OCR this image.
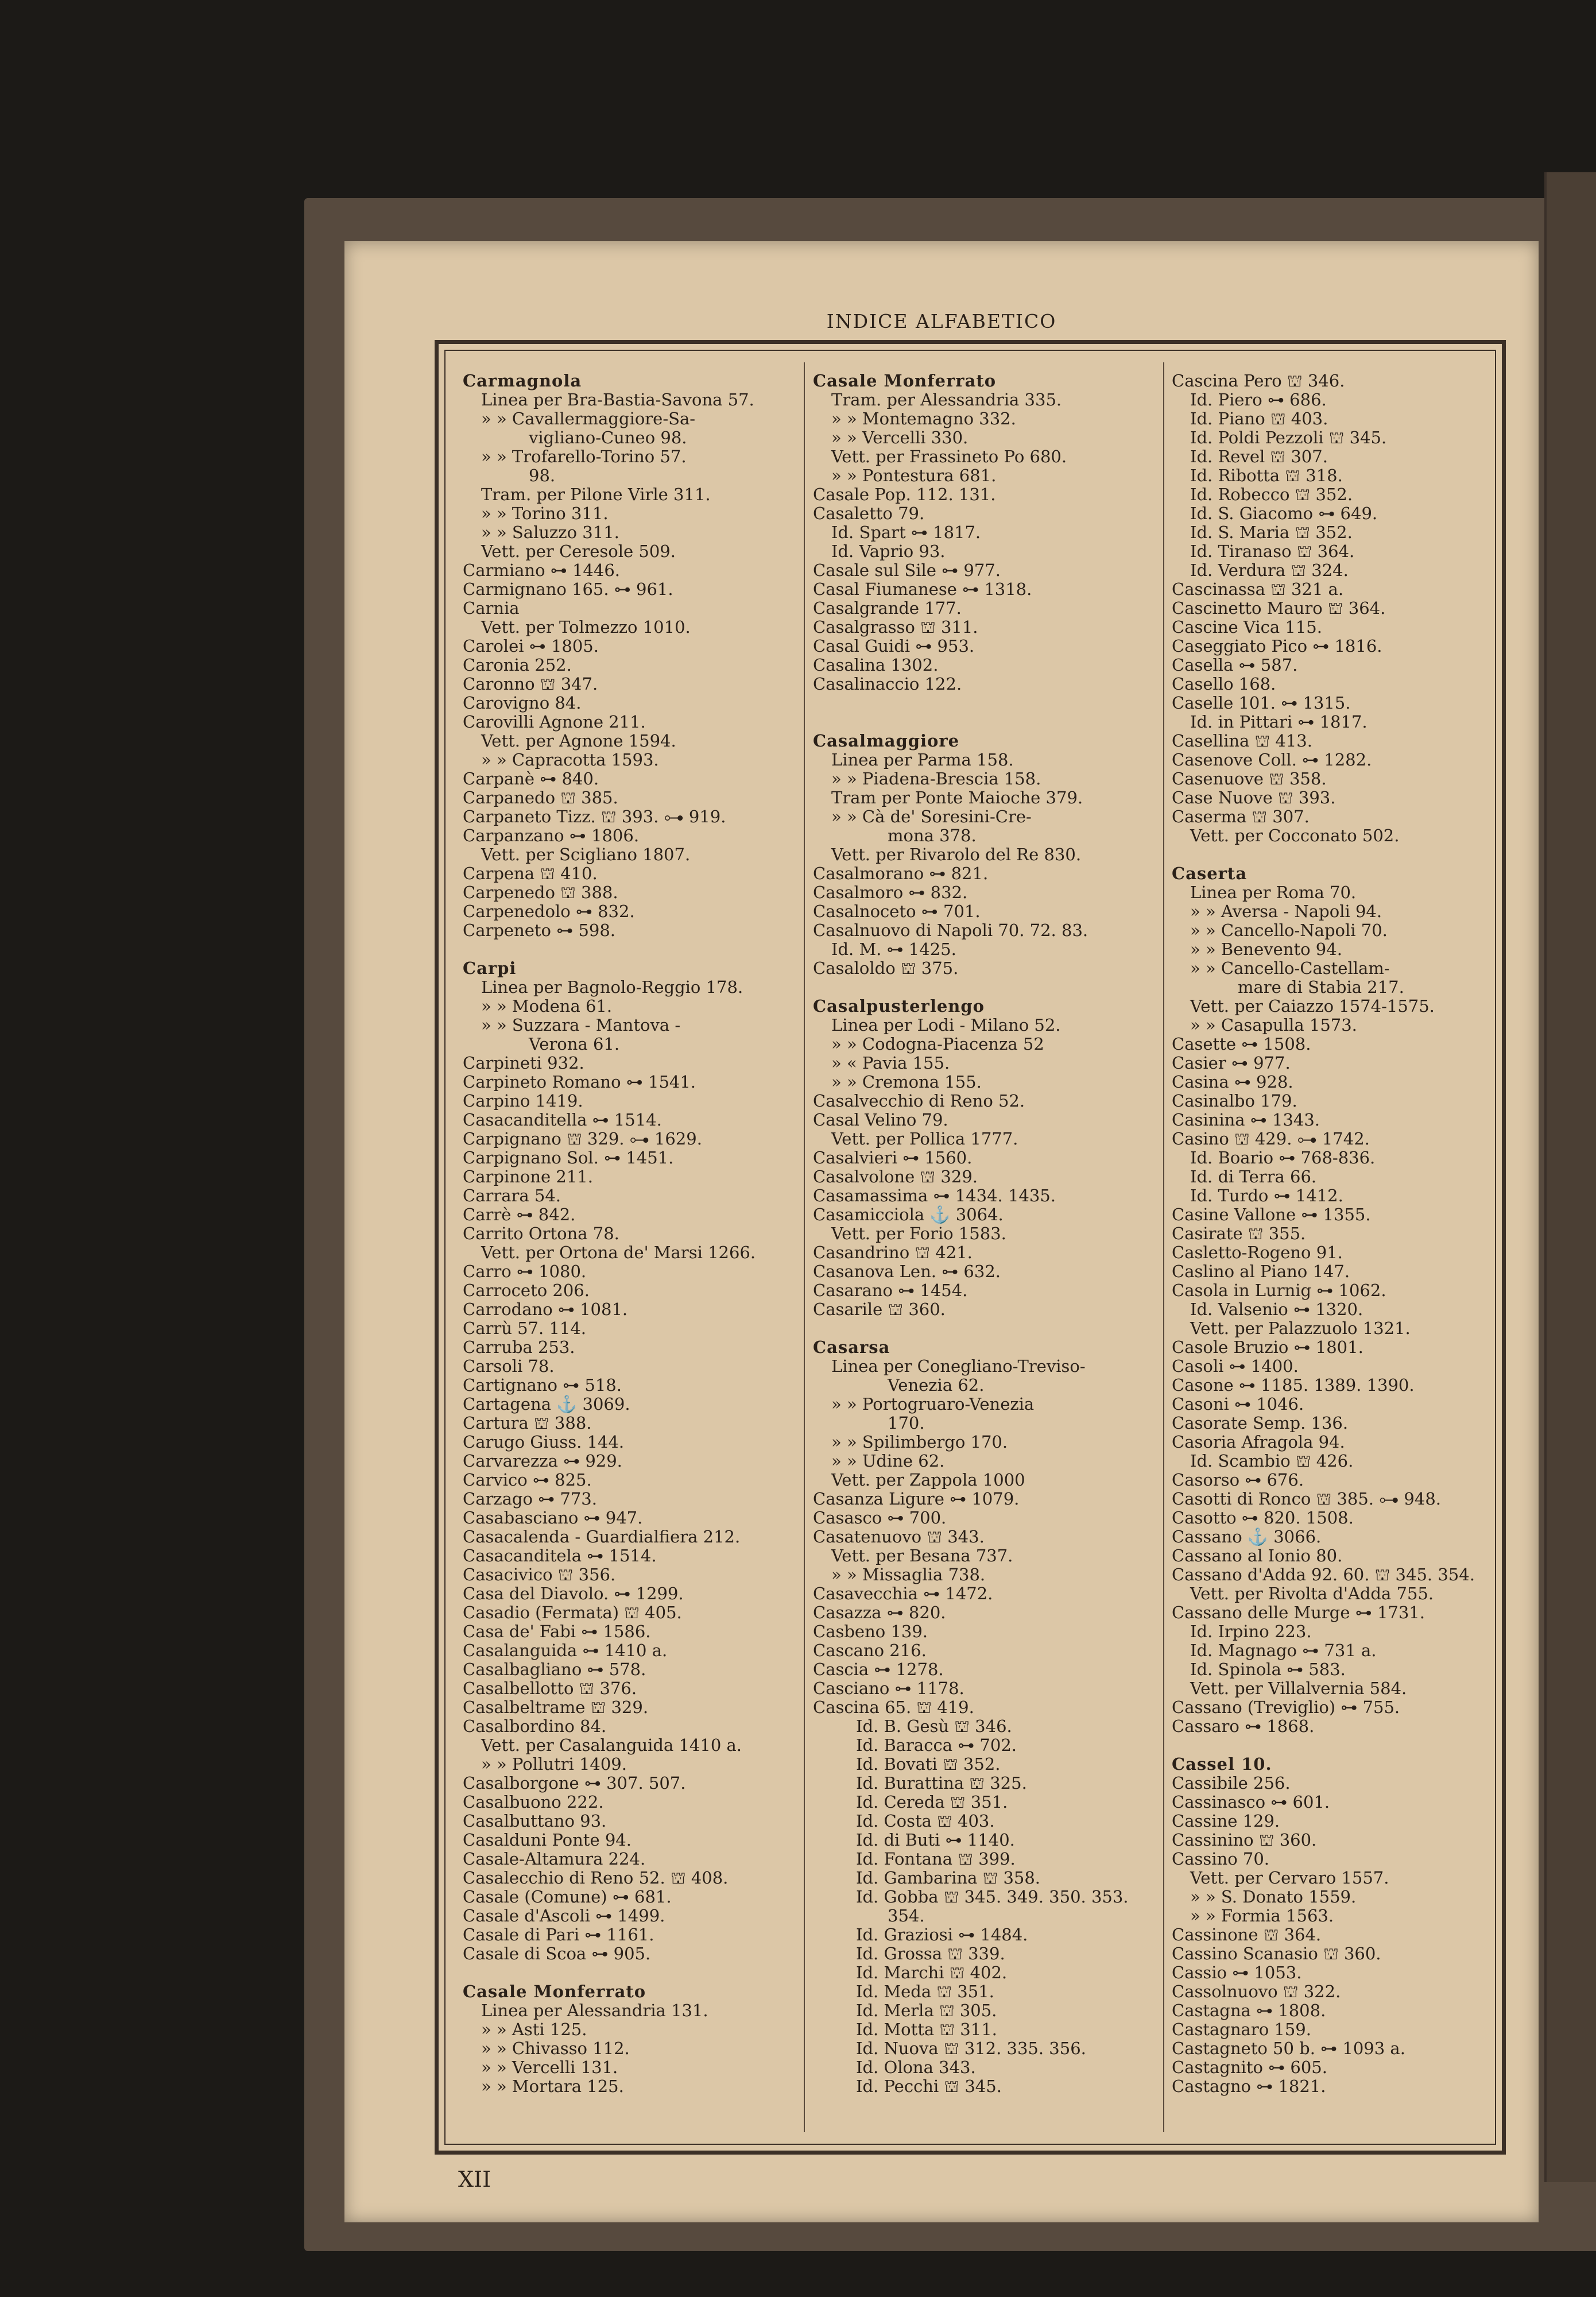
INDICE ALFABETICO
Carmagnola
Linea per Bra-Bastia-Savona 57.
» » Cavallermaggiore-Sa-
vigliano-Cuneo 98.
» » Trofarello-Torino 57.
98.
Tram. per Pilone Virle 311.
» » Torino 311.
» » Saluzzo 311.
Vett. per Ceresole 509.
Carmiano ⊶ 1446.
Carmignano 165. ⊶ 961.
Carnia
Vett. per Tolmezzo 1010.
Carolei ⊶ 1805.
Caronia 252.
Caronno ⛫ 347.
Carovigno 84.
Carovilli Agnone 211.
Vett. per Agnone 1594.
» » Capracotta 1593.
Carpanè ⊶ 840.
Carpanedo ⛫ 385.
Carpaneto Tizz. ⛫ 393. ⊶ 919.
Carpanzano ⊶ 1806.
Vett. per Scigliano 1807.
Carpena ⛫ 410.
Carpenedo ⛫ 388.
Carpenedolo ⊶ 832.
Carpeneto ⊶ 598.
Carpi
Linea per Bagnolo-Reggio 178.
» » Modena 61.
» » Suzzara - Mantova -
Verona 61.
Carpineti 932.
Carpineto Romano ⊶ 1541.
Carpino 1419.
Casacanditella ⊶ 1514.
Carpignano ⛫ 329. ⊶ 1629.
Carpignano Sol. ⊶ 1451.
Carpinone 211.
Carrara 54.
Carrè ⊶ 842.
Carrito Ortona 78.
Vett. per Ortona de' Marsi 1266.
Carro ⊶ 1080.
Carroceto 206.
Carrodano ⊶ 1081.
Carrù 57. 114.
Carruba 253.
Carsoli 78.
Cartignano ⊶ 518.
Cartagena ⚓ 3069.
Cartura ⛫ 388.
Carugo Giuss. 144.
Carvarezza ⊶ 929.
Carvico ⊶ 825.
Carzago ⊶ 773.
Casabasciano ⊶ 947.
Casacalenda - Guardialfiera 212.
Casacanditela ⊶ 1514.
Casacivico ⛫ 356.
Casa del Diavolo. ⊶ 1299.
Casadio (Fermata) ⛫ 405.
Casa de' Fabi ⊶ 1586.
Casalanguida ⊶ 1410 a.
Casalbagliano ⊶ 578.
Casalbellotto ⛫ 376.
Casalbeltrame ⛫ 329.
Casalbordino 84.
Vett. per Casalanguida 1410 a.
» » Pollutri 1409.
Casalborgone ⊶ 307. 507.
Casalbuono 222.
Casalbuttano 93.
Casalduni Ponte 94.
Casale-Altamura 224.
Casalecchio di Reno 52. ⛫ 408.
Casale (Comune) ⊶ 681.
Casale d'Ascoli ⊶ 1499.
Casale di Pari ⊶ 1161.
Casale di Scoa ⊶ 905.
Casale Monferrato
Linea per Alessandria 131.
» » Asti 125.
» » Chivasso 112.
» » Vercelli 131.
» » Mortara 125.
Casale Monferrato
Tram. per Alessandria 335.
» » Montemagno 332.
» » Vercelli 330.
Vett. per Frassineto Po 680.
» » Pontestura 681.
Casale Pop. 112. 131.
Casaletto 79.
Id. Spart ⊶ 1817.
Id. Vaprio 93.
Casale sul Sile ⊶ 977.
Casal Fiumanese ⊶ 1318.
Casalgrande 177.
Casalgrasso ⛫ 311.
Casal Guidi ⊶ 953.
Casalina 1302.
Casalinaccio 122.
Casalmaggiore
Linea per Parma 158.
» » Piadena-Brescia 158.
Tram per Ponte Maioche 379.
» » Cà de' Soresini-Cre-
mona 378.
Vett. per Rivarolo del Re 830.
Casalmorano ⊶ 821.
Casalmoro ⊶ 832.
Casalnoceto ⊶ 701.
Casalnuovo di Napoli 70. 72. 83.
Id. M. ⊶ 1425.
Casaloldo ⛫ 375.
Casalpusterlengo
Linea per Lodi - Milano 52.
» » Codogna-Piacenza 52
» « Pavia 155.
» » Cremona 155.
Casalvecchio di Reno 52.
Casal Velino 79.
Vett. per Pollica 1777.
Casalvieri ⊶ 1560.
Casalvolone ⛫ 329.
Casamassima ⊶ 1434. 1435.
Casamicciola ⚓ 3064.
Vett. per Forio 1583.
Casandrino ⛫ 421.
Casanova Len. ⊶ 632.
Casarano ⊶ 1454.
Casarile ⛫ 360.
Casarsa
Linea per Conegliano-Treviso-
Venezia 62.
» » Portogruaro-Venezia
170.
» » Spilimbergo 170.
» » Udine 62.
Vett. per Zappola 1000
Casanza Ligure ⊶ 1079.
Casasco ⊶ 700.
Casatenuovo ⛫ 343.
Vett. per Besana 737.
» » Missaglia 738.
Casavecchia ⊶ 1472.
Casazza ⊶ 820.
Casbeno 139.
Cascano 216.
Cascia ⊶ 1278.
Casciano ⊶ 1178.
Cascina 65. ⛫ 419.
Id. B. Gesù ⛫ 346.
Id. Baracca ⊶ 702.
Id. Bovati ⛫ 352.
Id. Burattina ⛫ 325.
Id. Cereda ⛫ 351.
Id. Costa ⛫ 403.
Id. di Buti ⊶ 1140.
Id. Fontana ⛫ 399.
Id. Gambarina ⛫ 358.
Id. Gobba ⛫ 345. 349. 350. 353.
354.
Id. Graziosi ⊶ 1484.
Id. Grossa ⛫ 339.
Id. Marchi ⛫ 402.
Id. Meda ⛫ 351.
Id. Merla ⛫ 305.
Id. Motta ⛫ 311.
Id. Nuova ⛫ 312. 335. 356.
Id. Olona 343.
Id. Pecchi ⛫ 345.
Cascina Pero ⛫ 346.
Id. Piero ⊶ 686.
Id. Piano ⛫ 403.
Id. Poldi Pezzoli ⛫ 345.
Id. Revel ⛫ 307.
Id. Ribotta ⛫ 318.
Id. Robecco ⛫ 352.
Id. S. Giacomo ⊶ 649.
Id. S. Maria ⛫ 352.
Id. Tiranaso ⛫ 364.
Id. Verdura ⛫ 324.
Cascinassa ⛫ 321 a.
Cascinetto Mauro ⛫ 364.
Cascine Vica 115.
Caseggiato Pico ⊶ 1816.
Casella ⊶ 587.
Casello 168.
Caselle 101. ⊶ 1315.
Id. in Pittari ⊶ 1817.
Casellina ⛫ 413.
Casenove Coll. ⊶ 1282.
Casenuove ⛫ 358.
Case Nuove ⛫ 393.
Caserma ⛫ 307.
Vett. per Cocconato 502.
Caserta
Linea per Roma 70.
» » Aversa - Napoli 94.
» » Cancello-Napoli 70.
» » Benevento 94.
» » Cancello-Castellam-
mare di Stabia 217.
Vett. per Caiazzo 1574-1575.
» » Casapulla 1573.
Casette ⊶ 1508.
Casier ⊶ 977.
Casina ⊶ 928.
Casinalbo 179.
Casinina ⊶ 1343.
Casino ⛫ 429. ⊶ 1742.
Id. Boario ⊶ 768-836.
Id. di Terra 66.
Id. Turdo ⊶ 1412.
Casine Vallone ⊶ 1355.
Casirate ⛫ 355.
Casletto-Rogeno 91.
Caslino al Piano 147.
Casola in Lurnig ⊶ 1062.
Id. Valsenio ⊶ 1320.
Vett. per Palazzuolo 1321.
Casole Bruzio ⊶ 1801.
Casoli ⊶ 1400.
Casone ⊶ 1185. 1389. 1390.
Casoni ⊶ 1046.
Casorate Semp. 136.
Casoria Afragola 94.
Id. Scambio ⛫ 426.
Casorso ⊶ 676.
Casotti di Ronco ⛫ 385. ⊶ 948.
Casotto ⊶ 820. 1508.
Cassano ⚓ 3066.
Cassano al Ionio 80.
Cassano d'Adda 92. 60. ⛫ 345. 354.
Vett. per Rivolta d'Adda 755.
Cassano delle Murge ⊶ 1731.
Id. Irpino 223.
Id. Magnago ⊶ 731 a.
Id. Spinola ⊶ 583.
Vett. per Villalvernia 584.
Cassano (Treviglio) ⊶ 755.
Cassaro ⊶ 1868.
Cassel 10.
Cassibile 256.
Cassinasco ⊶ 601.
Cassine 129.
Cassinino ⛫ 360.
Cassino 70.
Vett. per Cervaro 1557.
» » S. Donato 1559.
» » Formia 1563.
Cassinone ⛫ 364.
Cassino Scanasio ⛫ 360.
Cassio ⊶ 1053.
Cassolnuovo ⛫ 322.
Castagna ⊶ 1808.
Castagnaro 159.
Castagneto 50 b. ⊶ 1093 a.
Castagnito ⊶ 605.
Castagno ⊶ 1821.
XII
